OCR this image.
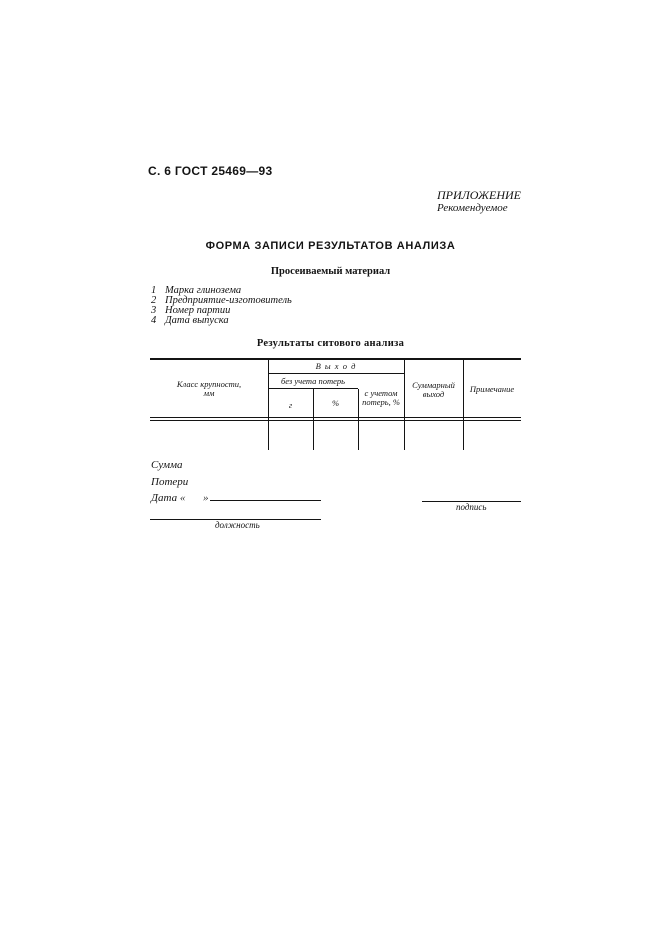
С. 6 ГОСТ 25469—93
ПРИЛОЖЕНИЕ
Рекомендуемое
ФОРМА ЗАПИСИ РЕЗУЛЬТАТОВ АНАЛИЗА
Просеиваемый материал
1 Марка глинозема
2 Предприятие-изготовитель
3 Номер партии
4 Дата выпуска
Результаты ситового анализа
Класс крупности,
мм
В ы х о д
без учета потерь
г	%
с учетом
потерь, %
Суммарный
выход	Примечание
Сумма
Потери
Дата « »
подпись
должность
